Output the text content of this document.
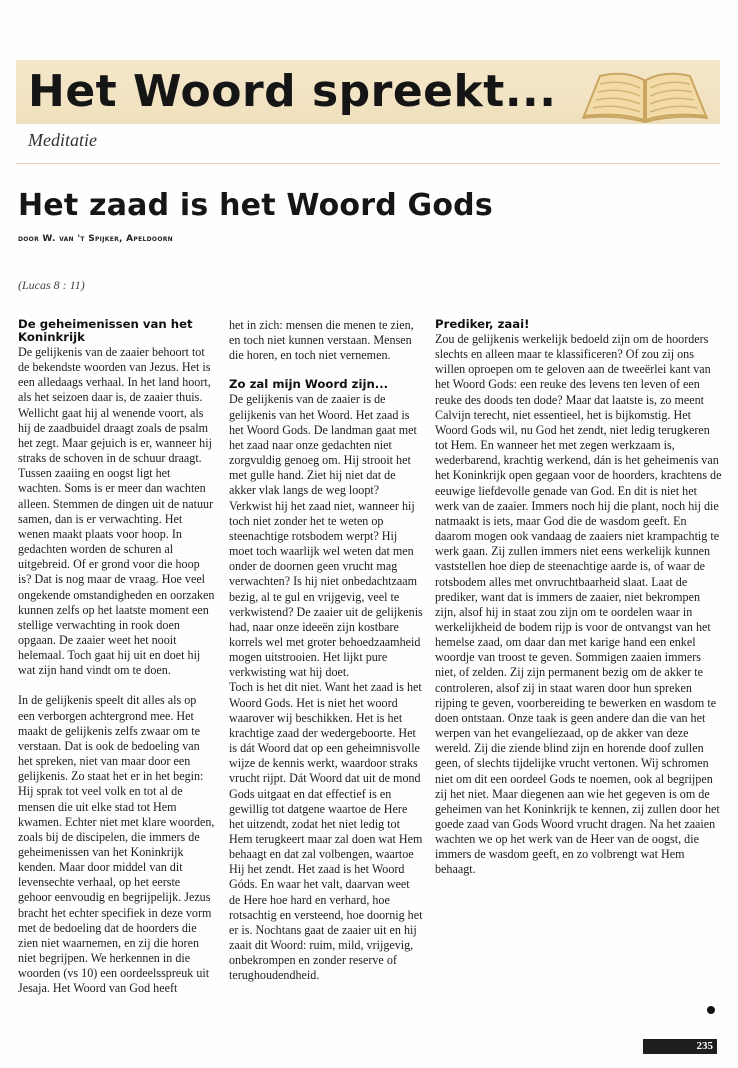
Het Woord spreekt...
Meditatie
Het zaad is het Woord Gods
door W. van 't Spijker, Apeldoorn
(Lucas 8 : 11)
De geheimenissen van het Koninkrijk

De gelijkenis van de zaaier behoort tot de bekendste woorden van Jezus. Het is een alledaags verhaal. In het land hoort, als het seizoen daar is, de zaaier thuis. Wellicht gaat hij al wenende voort, als hij de zaadbuidel draagt zoals de psalm het zegt. Maar gejuich is er, wanneer hij straks de schoven in de schuur draagt. Tussen zaaiing en oogst ligt het wachten. Soms is er meer dan wachten alleen. Stemmen de dingen uit de natuur samen, dan is er verwachting. Het wenen maakt plaats voor hoop. In gedachten worden de schuren al uitgebreid. Of er grond voor die hoop is? Dat is nog maar de vraag. Hoe veel ongekende omstandigheden en oorzaken kunnen zelfs op het laatste moment een stellige verwachting in rook doen opgaan. De zaaier weet het nooit helemaal. Toch gaat hij uit en doet hij wat zijn hand vindt om te doen.

In de gelijkenis speelt dit alles als op een verborgen achtergrond mee. Het maakt de gelijkenis zelfs zwaar om te verstaan. Dat is ook de bedoeling van het spreken, niet van maar door een gelijkenis. Zo staat het er in het begin: Hij sprak tot veel volk en tot al de mensen die uit elke stad tot Hem kwamen. Echter niet met klare woorden, zoals bij de discipelen, die immers de geheimenissen van het Koninkrijk kenden. Maar door middel van dit levensechte verhaal, op het eerste gehoor eenvoudig en begrijpelijk. Jezus bracht het echter specifiek in deze vorm met de bedoeling dat de hoorders die zien niet waarnemen, en zij die horen niet begrijpen. We herkennen in die woorden (vs 10) een oordeelsspreuk uit Jesaja. Het Woord van God heeft

het in zich: mensen die menen te zien, en toch niet kunnen verstaan. Mensen die horen, en toch niet vernemen.

Zo zal mijn Woord zijn...

De gelijkenis van de zaaier is de gelijkenis van het Woord. Het zaad is het Woord Gods. De landman gaat met het zaad naar onze gedachten niet zorgvuldig genoeg om. Hij strooit het met gulle hand. Ziet hij niet dat de akker vlak langs de weg loopt? Verkwist hij het zaad niet, wanneer hij toch niet zonder het te weten op steenachtige rotsbodem werpt? Hij moet toch waarlijk wel weten dat men onder de doornen geen vrucht mag verwachten? Is hij niet onbedachtzaam bezig, al te gul en vrijgevig, veel te verkwistend? De zaaier uit de gelijkenis had, naar onze ideeën zijn kostbare korrels wel met groter behoedzaamheid mogen uitstrooien. Het lijkt pure verkwisting wat hij doet.

Toch is het dit niet. Want het zaad is het Woord Gods. Het is niet het woord waarover wij beschikken. Het is het krachtige zaad der wedergeboorte. Het is dát Woord dat op een geheimnisvolle wijze de kennis werkt, waardoor straks vrucht rijpt. Dát Woord dat uit de mond Gods uitgaat en dat effectief is en gewillig tot datgene waartoe de Here het uitzendt, zodat het niet ledig tot Hem terugkeert maar zal doen wat Hem behaagt en dat zal volbengen, waartoe Hij het zendt. Het zaad is het Woord Góds. En waar het valt, daarvan weet de Here hoe hard en verhard, hoe rotsachtig en versteend, hoe doornig het er is. Nochtans gaat de zaaier uit en hij zaait dit Woord: ruim, mild, vrijgevig, onbekrompen en zonder reserve of terughoudendheid.

Prediker, zaai!

Zou de gelijkenis werkelijk bedoeld zijn om de hoorders slechts en alleen maar te klassificeren? Of zou zij ons willen oproepen om te geloven aan de tweeërlei kant van het Woord Gods: een reuke des levens ten leven of een reuke des doods ten dode? Maar dat laatste is, zo meent Calvijn terecht, niet essentieel, het is bijkomstig. Het Woord Gods wil, nu God het zendt, niet ledig terugkeren tot Hem. En wanneer het met zegen werkzaam is, wederbarend, krachtig werkend, dán is het geheimenis van het Koninkrijk open gegaan voor de hoorders, krachtens de eeuwige liefdevolle genade van God. En dit is niet het werk van de zaaier. Immers noch hij die plant, noch hij die natmaakt is iets, maar God die de wasdom geeft. En daarom mogen ook vandaag de zaaiers niet krampachtig te werk gaan. Zij zullen immers niet eens werkelijk kunnen vaststellen hoe diep de steenachtige aarde is, of waar de rotsbodem alles met onvruchtbaarheid slaat. Laat de prediker, want dat is immers de zaaier, niet bekrompen zijn, alsof hij in staat zou zijn om te oordelen waar in werkelijkheid de bodem rijp is voor de ontvangst van het hemelse zaad, om daar dan met karige hand een enkel woordje van troost te geven. Sommigen zaaien immers niet, of zelden. Zij zijn permanent bezig om de akker te controleren, alsof zij in staat waren door hun spreken rijping te geven, voorbereiding te bewerken en wasdom te doen ontstaan. Onze taak is geen andere dan die van het werpen van het evangeliezaad, op de akker van deze wereld. Zij die ziende blind zijn en horende doof zullen geen, of slechts tijdelijke vrucht vertonen. Wij schromen niet om dit een oordeel Gods te noemen, ook al begrijpen zij het niet. Maar diegenen aan wie het gegeven is om de geheimen van het Koninkrijk te kennen, zij zullen door het goede zaad van Gods Woord vrucht dragen. Na het zaaien wachten we op het werk van de Heer van de oogst, die immers de wasdom geeft, en zo volbrengt wat Hem behaagt.

235
